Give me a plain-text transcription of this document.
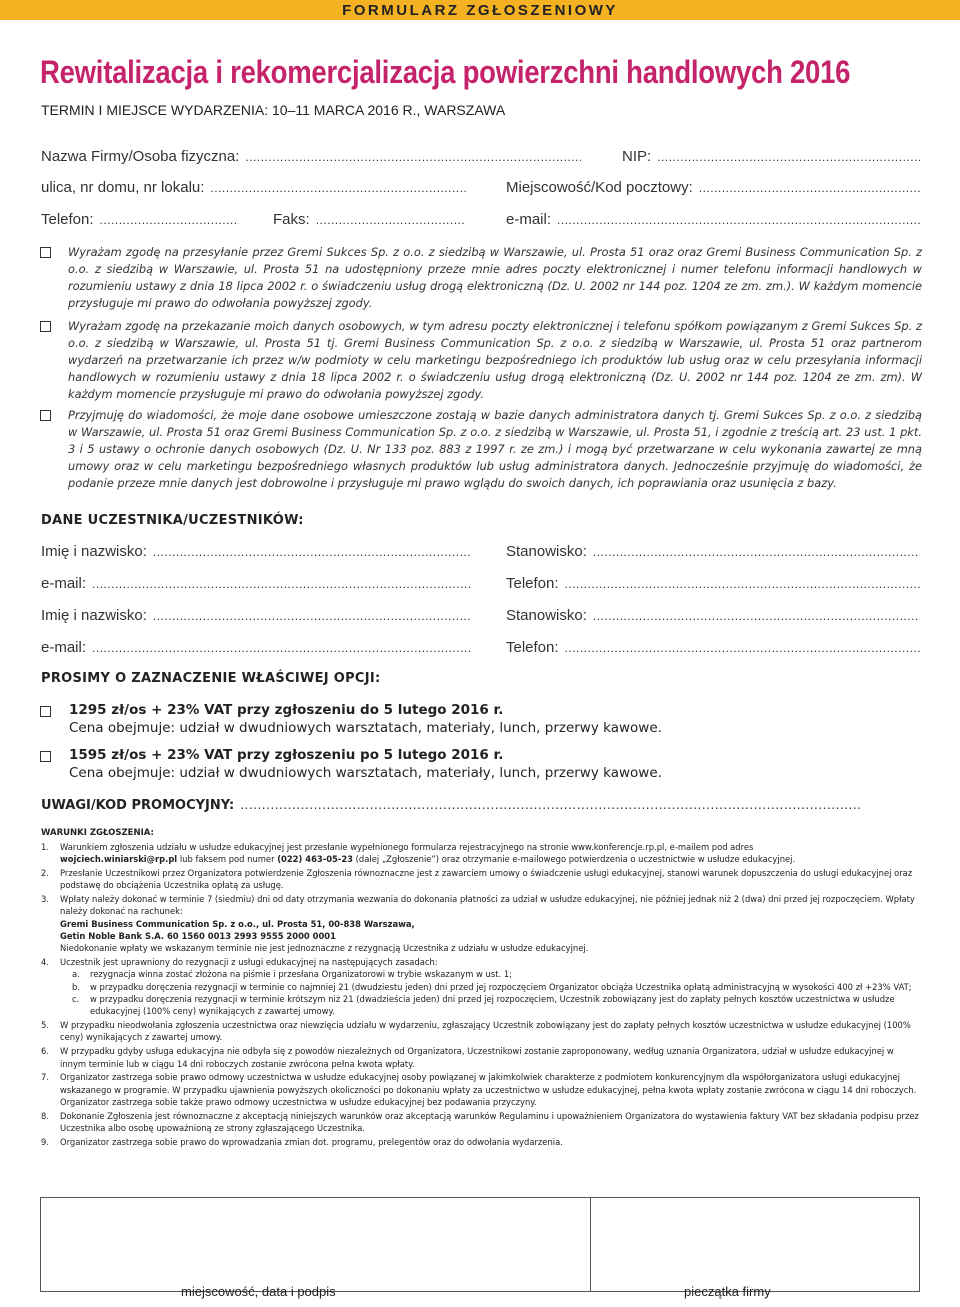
FORMULARZ ZGŁOSZENIOWY
Rewitalizacja i rekomercjalizacja powierzchni handlowych 2016
TERMIN I MIEJSCE WYDARZENIA: 10–11 MARCA 2016 R., WARSZAWA
Nazwa Firmy/Osoba fizyczna: .....	NIP:
.....
ulica, nr domu, nr lokalu: .....	Miejscowość/Kod pocztowy:
.....
Telefon: .....	Faks: .....	e-mail:
.....

Wyrażam zgodę na przesyłanie przez Gremi Sukces Sp. z o.o. z siedzibą w Warszawie, ul. Prosta 51 oraz oraz Gremi Business Communication Sp. z o.o. z siedzibą w Warszawie, ul. Prosta 51 na udostępniony przeze mnie adres poczty elektronicznej i numer telefonu informacji handlowych w rozumieniu ustawy z dnia 18 lipca 2002 r. o świadczeniu usług drogą elektroniczną (Dz. U. 2002 nr 144 poz. 1204 ze zm. zm.). W każdym momencie przysługuje mi prawo do odwołania powyższej zgody.

Wyrażam zgodę na przekazanie moich danych osobowych, w tym adresu poczty elektronicznej i telefonu spółkom powiązanym z Gremi Sukces Sp. z o.o. z siedzibą w Warszawie, ul. Prosta 51 tj. Gremi Business Communication Sp. z o.o. z siedzibą w Warszawie, ul. Prosta 51 oraz partnerom wydarzeń na przetwarzanie ich przez w/w podmioty w celu marketingu bezpośredniego ich produktów lub usług oraz w celu przesyłania informacji handlowych w rozumieniu ustawy z dnia 18 lipca 2002 r. o świadczeniu usług drogą elektroniczną (Dz. U. 2002 nr 144 poz. 1204 ze zm. zm). W każdym momencie przysługuje mi prawo do odwołania powyższej zgody.

Przyjmuję do wiadomości, że moje dane osobowe umieszczone zostają w bazie danych administratora danych tj. Gremi Sukces Sp. z o.o. z siedzibą w Warszawie, ul. Prosta 51 oraz Gremi Business Communication Sp. z o.o. z siedzibą w Warszawie, ul. Prosta 51, i zgodnie z treścią art. 23 ust. 1 pkt. 3 i 5 ustawy o ochronie danych osobowych (Dz. U. Nr 133 poz. 883 z 1997 r. ze zm.) i mogą być przetwarzane w celu wykonania zawartej ze mną umowy oraz w celu marketingu bezpośredniego własnych produktów lub usług administratora danych. Jednocześnie przyjmuję do wiadomości, że podanie przeze mnie danych jest dobrowolne i przysługuje mi prawo wglądu do swoich danych, ich poprawiania oraz usunięcia z bazy.

DANE UCZESTNIKA/UCZESTNIKÓW:
Imię i nazwisko: .....	Stanowisko:
.....
e-mail: .....	Telefon:
.....
Imię i nazwisko: .....	Stanowisko:
.....
e-mail: .....	Telefon:
.....
PROSIMY O ZAZNACZENIE WŁAŚCIWEJ OPCJI:
1295 zł/os + 23% VAT przy zgłoszeniu do 5 lutego 2016 r.
Cena obejmuje: udział w dwudniowych warsztatach, materiały, lunch, przerwy kawowe.
1595 zł/os + 23% VAT przy zgłoszeniu po 5 lutego 2016 r.
Cena obejmuje: udział w dwudniowych warsztatach, materiały, lunch, przerwy kawowe.
UWAGI/KOD PROMOCYJNY:
.....
WARUNKI ZGŁOSZENIA:
1. Warunkiem zgłoszenia udziału w usłudze edukacyjnej jest przesłanie wypełnionego formularza rejestracyjnego na stronie www.konferencje.rp.pl, e-mailem pod adres
wojciech.winiarski@rp.pl lub faksem pod numer (022) 463-05-23 (dalej „Zgłoszenie”) oraz otrzymanie e-mailowego potwierdzenia o uczestnictwie w usłudze edukacyjnej.
2. Przesłanie Uczestnikowi przez Organizatora potwierdzenie Zgłoszenia równoznaczne jest z zawarciem umowy o świadczenie usługi edukacyjnej, stanowi warunek dopuszczenia do usługi edukacyjnej oraz podstawę do obciążenia Uczestnika opłatą za usługę.
3. Wpłaty należy dokonać w terminie 7 (siedmiu) dni od daty otrzymania wezwania do dokonania płatności za udział w usłudze edukacyjnej, nie później jednak niż 2 (dwa) dni przed jej rozpoczęciem. Wpłaty należy dokonać na rachunek:
Gremi Business Communication Sp. z o.o., ul. Prosta 51, 00-838 Warszawa,
Getin Noble Bank S.A. 60 1560 0013 2993 9555 2000 0001
Niedokonanie wpłaty we wskazanym terminie nie jest jednoznaczne z rezygnacją Uczestnika z udziału w usłudze edukacyjnej.
4. Uczestnik jest uprawniony do rezygnacji z usługi edukacyjnej na następujących zasadach:
a. rezygnacja winna zostać złożona na piśmie i przesłana Organizatorowi w trybie wskazanym w ust. 1;
b. w przypadku doręczenia rezygnacji w terminie co najmniej 21 (dwudziestu jeden) dni przed jej rozpoczęciem Organizator obciąża Uczestnika opłatą administracyjną w wysokości 400 zł +23% VAT;
c. w przypadku doręczenia rezygnacji w terminie krótszym niż 21 (dwadzieścia jeden) dni przed jej rozpoczęciem, Uczestnik zobowiązany jest do zapłaty pełnych kosztów uczestnictwa w usłudze edukacyjnej (100% ceny) wynikających z zawartej umowy.
5. W przypadku nieodwołania zgłoszenia uczestnictwa oraz niewzięcia udziału w wydarzeniu, zgłaszający Uczestnik zobowiązany jest do zapłaty pełnych kosztów uczestnictwa w usłudze edukacyjnej (100% ceny) wynikających z zawartej umowy.
6. W przypadku gdyby usługa edukacyjna nie odbyła się z powodów niezależnych od Organizatora, Uczestnikowi zostanie zaproponowany, według uznania Organizatora, udział w usłudze edukacyjnej w innym terminie lub w ciągu 14 dni roboczych zostanie zwrócona pełna kwota wpłaty.
7. Organizator zastrzega sobie prawo odmowy uczestnictwa w usłudze edukacyjnej osoby powiązanej w jakimkolwiek charakterze z podmiotem konkurencyjnym dla współorganizatora usługi edukacyjnej wskazanego w programie. W przypadku ujawnienia powyższych okoliczności po dokonaniu wpłaty za uczestnictwo w usłudze edukacyjnej, pełna kwota wpłaty zostanie zwrócona w ciągu 14 dni roboczych. Organizator zastrzega sobie także prawo odmowy uczestnictwa w usłudze edukacyjnej bez podawania przyczyny.
8. Dokonanie Zgłoszenia jest równoznaczne z akceptacją niniejszych warunków oraz akceptacją warunków Regulaminu i upoważnieniem Organizatora do wystawienia faktury VAT bez składania podpisu przez Uczestnika albo osobę upoważnioną ze strony zgłaszającego Uczestnika.
9. Organizator zastrzega sobie prawo do wprowadzania zmian dot. programu, prelegentów oraz do odwołania wydarzenia.
miejscowość, data i podpis	pieczątka firmy
